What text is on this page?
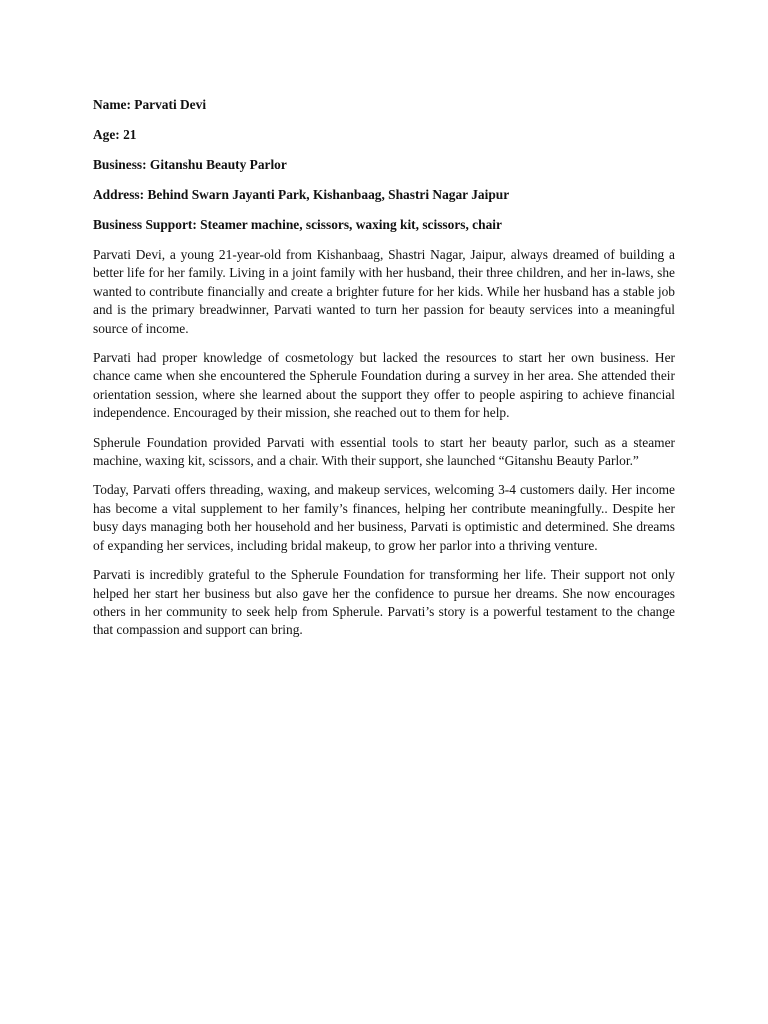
Name: Parvati Devi

Age: 21

Business: Gitanshu Beauty Parlor

Address: Behind Swarn Jayanti Park, Kishanbaag, Shastri Nagar Jaipur

Business Support: Steamer machine, scissors, waxing kit, scissors, chair

Parvati Devi, a young 21-year-old from Kishanbaag, Shastri Nagar, Jaipur, always dreamed of building a better life for her family. Living in a joint family with her husband, their three children, and her in-laws, she wanted to contribute financially and create a brighter future for her kids. While her husband has a stable job and is the primary breadwinner, Parvati wanted to turn her passion for beauty services into a meaningful source of income.

Parvati had proper knowledge of cosmetology but lacked the resources to start her own business. Her chance came when she encountered the Spherule Foundation during a survey in her area. She attended their orientation session, where she learned about the support they offer to people aspiring to achieve financial independence. Encouraged by their mission, she reached out to them for help.

Spherule Foundation provided Parvati with essential tools to start her beauty parlor, such as a steamer machine, waxing kit, scissors, and a chair. With their support, she launched “Gitanshu Beauty Parlor.”

Today, Parvati offers threading, waxing, and makeup services, welcoming 3-4 customers daily. Her income has become a vital supplement to her family’s finances, helping her contribute meaningfully.. Despite her busy days managing both her household and her business, Parvati is optimistic and determined. She dreams of expanding her services, including bridal makeup, to grow her parlor into a thriving venture.

Parvati is incredibly grateful to the Spherule Foundation for transforming her life. Their support not only helped her start her business but also gave her the confidence to pursue her dreams. She now encourages others in her community to seek help from Spherule. Parvati’s story is a powerful testament to the change that compassion and support can bring.
